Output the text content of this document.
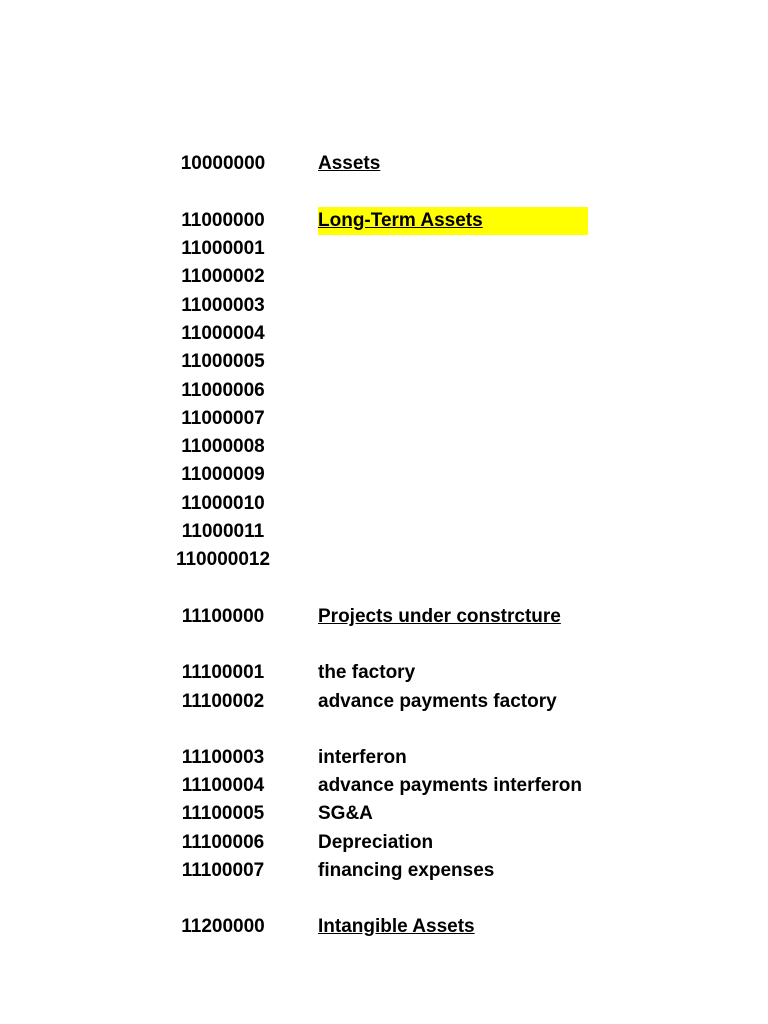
10000000	Assets
11000000	Long-Term Assets
11000001
11000002
11000003
11000004
11000005
11000006
11000007
11000008
11000009
11000010
11000011
110000012
11100000	Projects under constrcture
11100001	the factory
11100002	advance payments factory
11100003	interferon
11100004	advance payments interferon
11100005	SG&A
11100006	Depreciation
11100007	financing expenses
11200000	Intangible Assets
